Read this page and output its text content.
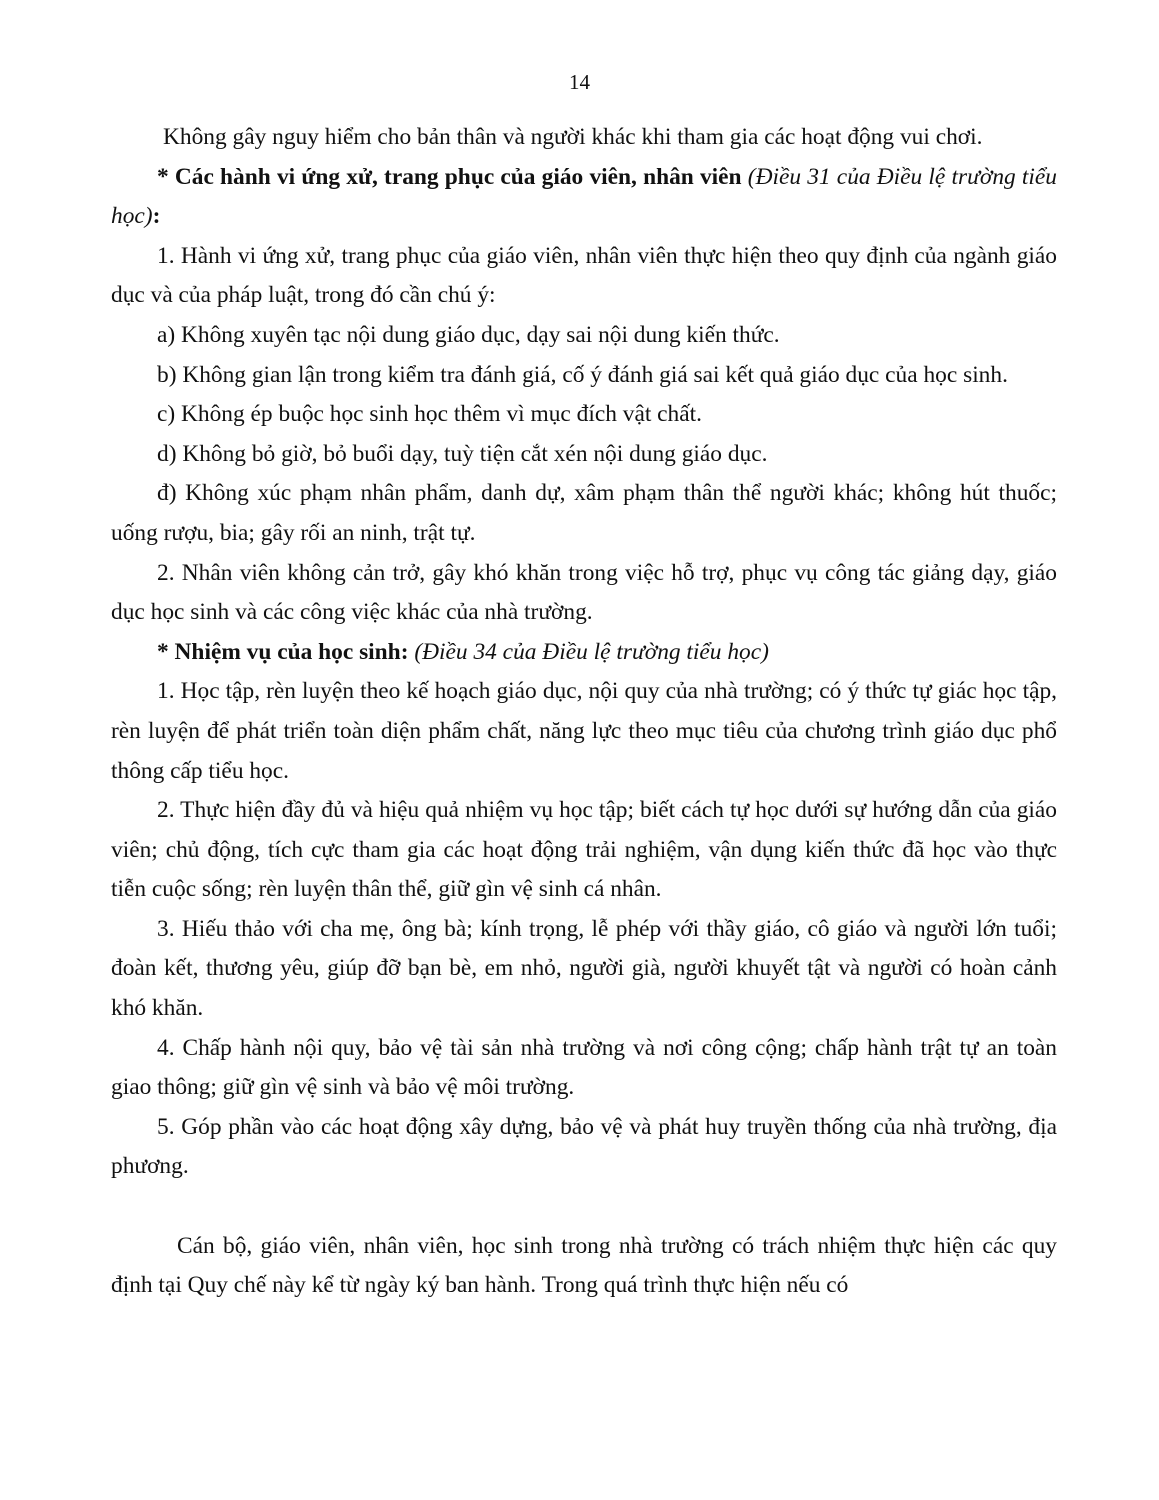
14

Không gây nguy hiểm cho bản thân và người khác khi tham gia các hoạt động vui chơi.

* Các hành vi ứng xử, trang phục của giáo viên, nhân viên (Điều 31 của Điều lệ trường tiểu học):

1. Hành vi ứng xử, trang phục của giáo viên, nhân viên thực hiện theo quy định của ngành giáo dục và của pháp luật, trong đó cần chú ý:

a) Không xuyên tạc nội dung giáo dục, dạy sai nội dung kiến thức.

b) Không gian lận trong kiểm tra đánh giá, cố ý đánh giá sai kết quả giáo dục của học sinh.

c) Không ép buộc học sinh học thêm vì mục đích vật chất.

d) Không bỏ giờ, bỏ buổi dạy, tuỳ tiện cắt xén nội dung giáo dục.

đ) Không xúc phạm nhân phẩm, danh dự, xâm phạm thân thể người khác; không hút thuốc; uống rượu, bia; gây rối an ninh, trật tự.

2. Nhân viên không cản trở, gây khó khăn trong việc hỗ trợ, phục vụ công tác giảng dạy, giáo dục học sinh và các công việc khác của nhà trường.

* Nhiệm vụ của học sinh: (Điều 34 của Điều lệ trường tiểu học)

1. Học tập, rèn luyện theo kế hoạch giáo dục, nội quy của nhà trường; có ý thức tự giác học tập, rèn luyện để phát triển toàn diện phẩm chất, năng lực theo mục tiêu của chương trình giáo dục phổ thông cấp tiểu học.

2. Thực hiện đầy đủ và hiệu quả nhiệm vụ học tập; biết cách tự học dưới sự hướng dẫn của giáo viên; chủ động, tích cực tham gia các hoạt động trải nghiệm, vận dụng kiến thức đã học vào thực tiễn cuộc sống; rèn luyện thân thể, giữ gìn vệ sinh cá nhân.

3. Hiếu thảo với cha mẹ, ông bà; kính trọng, lễ phép với thầy giáo, cô giáo và người lớn tuổi; đoàn kết, thương yêu, giúp đỡ bạn bè, em nhỏ, người già, người khuyết tật và người có hoàn cảnh khó khăn.

4. Chấp hành nội quy, bảo vệ tài sản nhà trường và nơi công cộng; chấp hành trật tự an toàn giao thông; giữ gìn vệ sinh và bảo vệ môi trường.

5. Góp phần vào các hoạt động xây dựng, bảo vệ và phát huy truyền thống của nhà trường, địa phương.

Cán bộ, giáo viên, nhân viên, học sinh trong nhà trường có trách nhiệm thực hiện các quy định tại Quy chế này kể từ ngày ký ban hành. Trong quá trình thực hiện nếu có
